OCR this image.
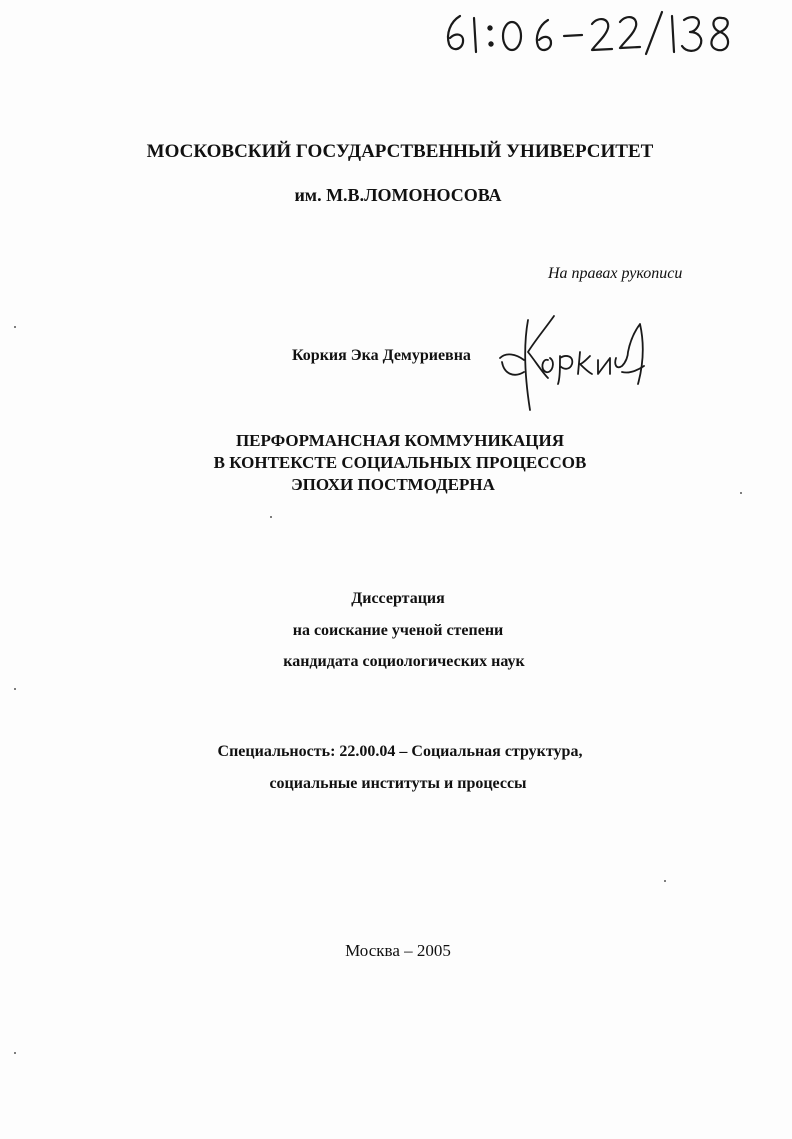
МОСКОВСКИЙ ГОСУДАРСТВЕННЫЙ УНИВЕРСИТЕТ
им. М.В.ЛОМОНОСОВА
На правах рукописи
Коркия Эка Демуриевна
ПЕРФОРМАНСНАЯ КОММУНИКАЦИЯ
В КОНТЕКСТЕ СОЦИАЛЬНЫХ ПРОЦЕССОВ
ЭПОХИ ПОСТМОДЕРНА
Диссертация
на соискание ученой степени
кандидата социологических наук
Специальность: 22.00.04 – Социальная структура,
социальные институты и процессы
Москва – 2005
